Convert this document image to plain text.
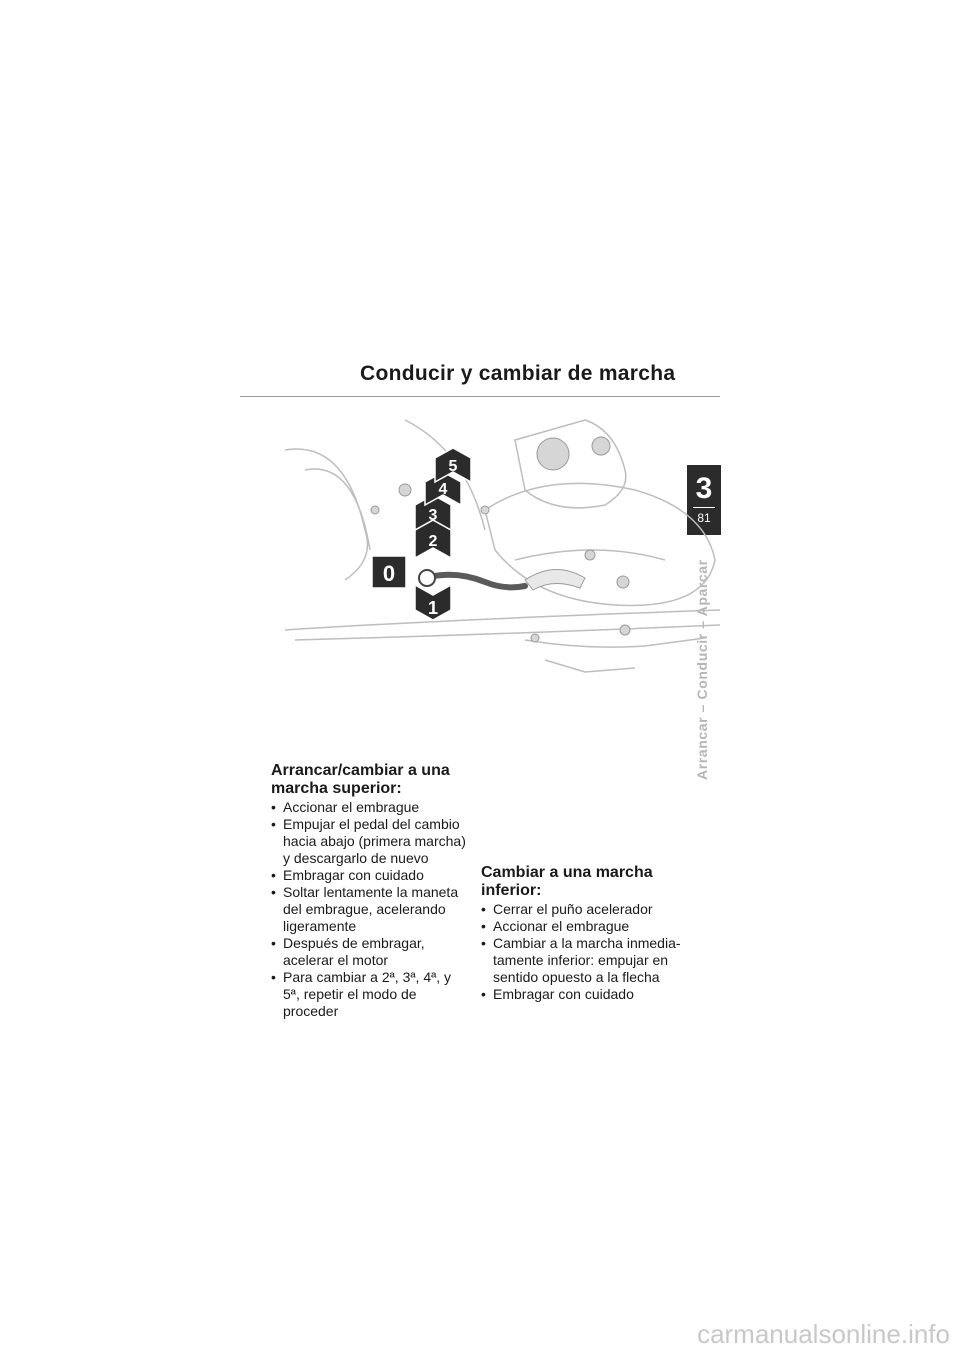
Conducir y cambiar de marcha
3
81
Arrancar – Conducir – Aparcar
0
1
2
3
4
5
Arrancar/cambiar a una marcha superior:
• Accionar el embrague
• Empujar el pedal del cambio hacia abajo (primera marcha) y descargarlo de nuevo
• Embragar con cuidado
• Soltar lentamente la maneta del embrague, acelerando ligeramente
• Después de embragar, acelerar el motor
• Para cambiar a 2ª, 3ª, 4ª, y 5ª, repetir el modo de proceder
Cambiar a una marcha inferior:
• Cerrar el puño acelerador
• Accionar el embrague
• Cambiar a la marcha inmedia-tamente inferior: empujar en sentido opuesto a la flecha
• Embragar con cuidado
carmanualsonline.info
